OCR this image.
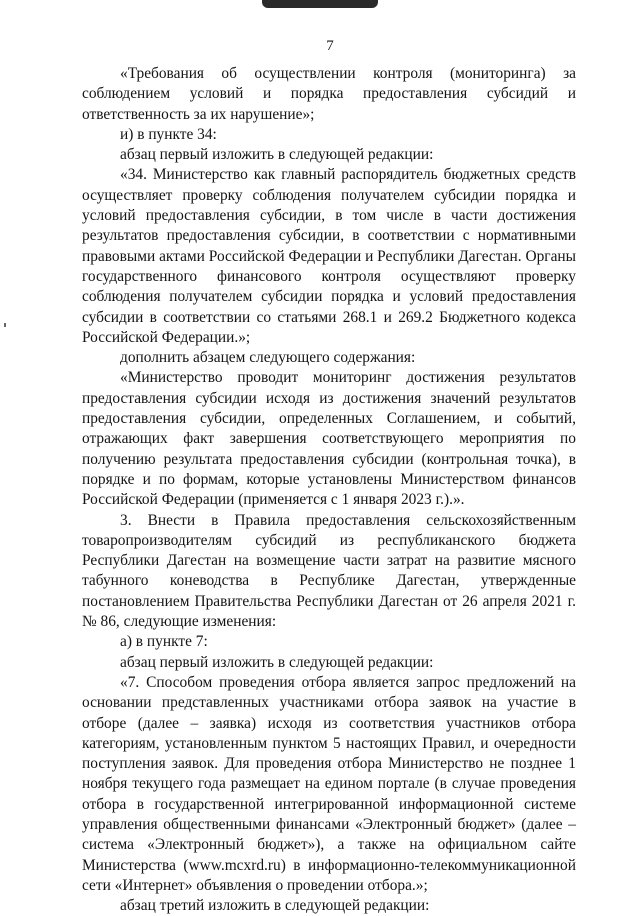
7

«Требования об осуществлении контроля (мониторинга) за соблюдением условий и порядка предоставления субсидий и ответственность за их нарушение»;

и) в пункте 34:

абзац первый изложить в следующей редакции:

«34. Министерство как главный распорядитель бюджетных средств осуществляет проверку соблюдения получателем субсидии порядка и условий предоставления субсидии, в том числе в части достижения результатов предоставления субсидии, в соответствии с нормативными правовыми актами Российской Федерации и Республики Дагестан. Органы государственного финансового контроля осуществляют проверку соблюдения получателем субсидии порядка и условий предоставления субсидии в соответствии со статьями 268.1 и 269.2 Бюджетного кодекса Российской Федерации.»;

дополнить абзацем следующего содержания:

«Министерство проводит мониторинг достижения результатов предоставления субсидии исходя из достижения значений результатов предоставления субсидии, определенных Соглашением, и событий, отражающих факт завершения соответствующего мероприятия по получению результата предоставления субсидии (контрольная точка), в порядке и по формам, которые установлены Министерством финансов Российской Федерации (применяется с 1 января 2023 г.).».

3. Внести в Правила предоставления сельскохозяйственным товаропроизводителям субсидий из республиканского бюджета Республики Дагестан на возмещение части затрат на развитие мясного табунного коневодства в Республике Дагестан, утвержденные постановлением Правительства Республики Дагестан от 26 апреля 2021 г. № 86, следующие изменения:

а) в пункте 7:

абзац первый изложить в следующей редакции:

«7. Способом проведения отбора является запрос предложений на основании представленных участниками отбора заявок на участие в отборе (далее – заявка) исходя из соответствия участников отбора категориям, установленным пунктом 5 настоящих Правил, и очередности поступления заявок. Для проведения отбора Министерство не позднее 1 ноября текущего года размещает на едином портале (в случае проведения отбора в государственной интегрированной информационной системе управления общественными финансами «Электронный бюджет» (далее – система «Электронный бюджет»), а также на официальном сайте Министерства (www.mcxrd.ru) в информационно-телекоммуникационной сети «Интернет» объявления о проведении отбора.»;

абзац третий изложить в следующей редакции:
